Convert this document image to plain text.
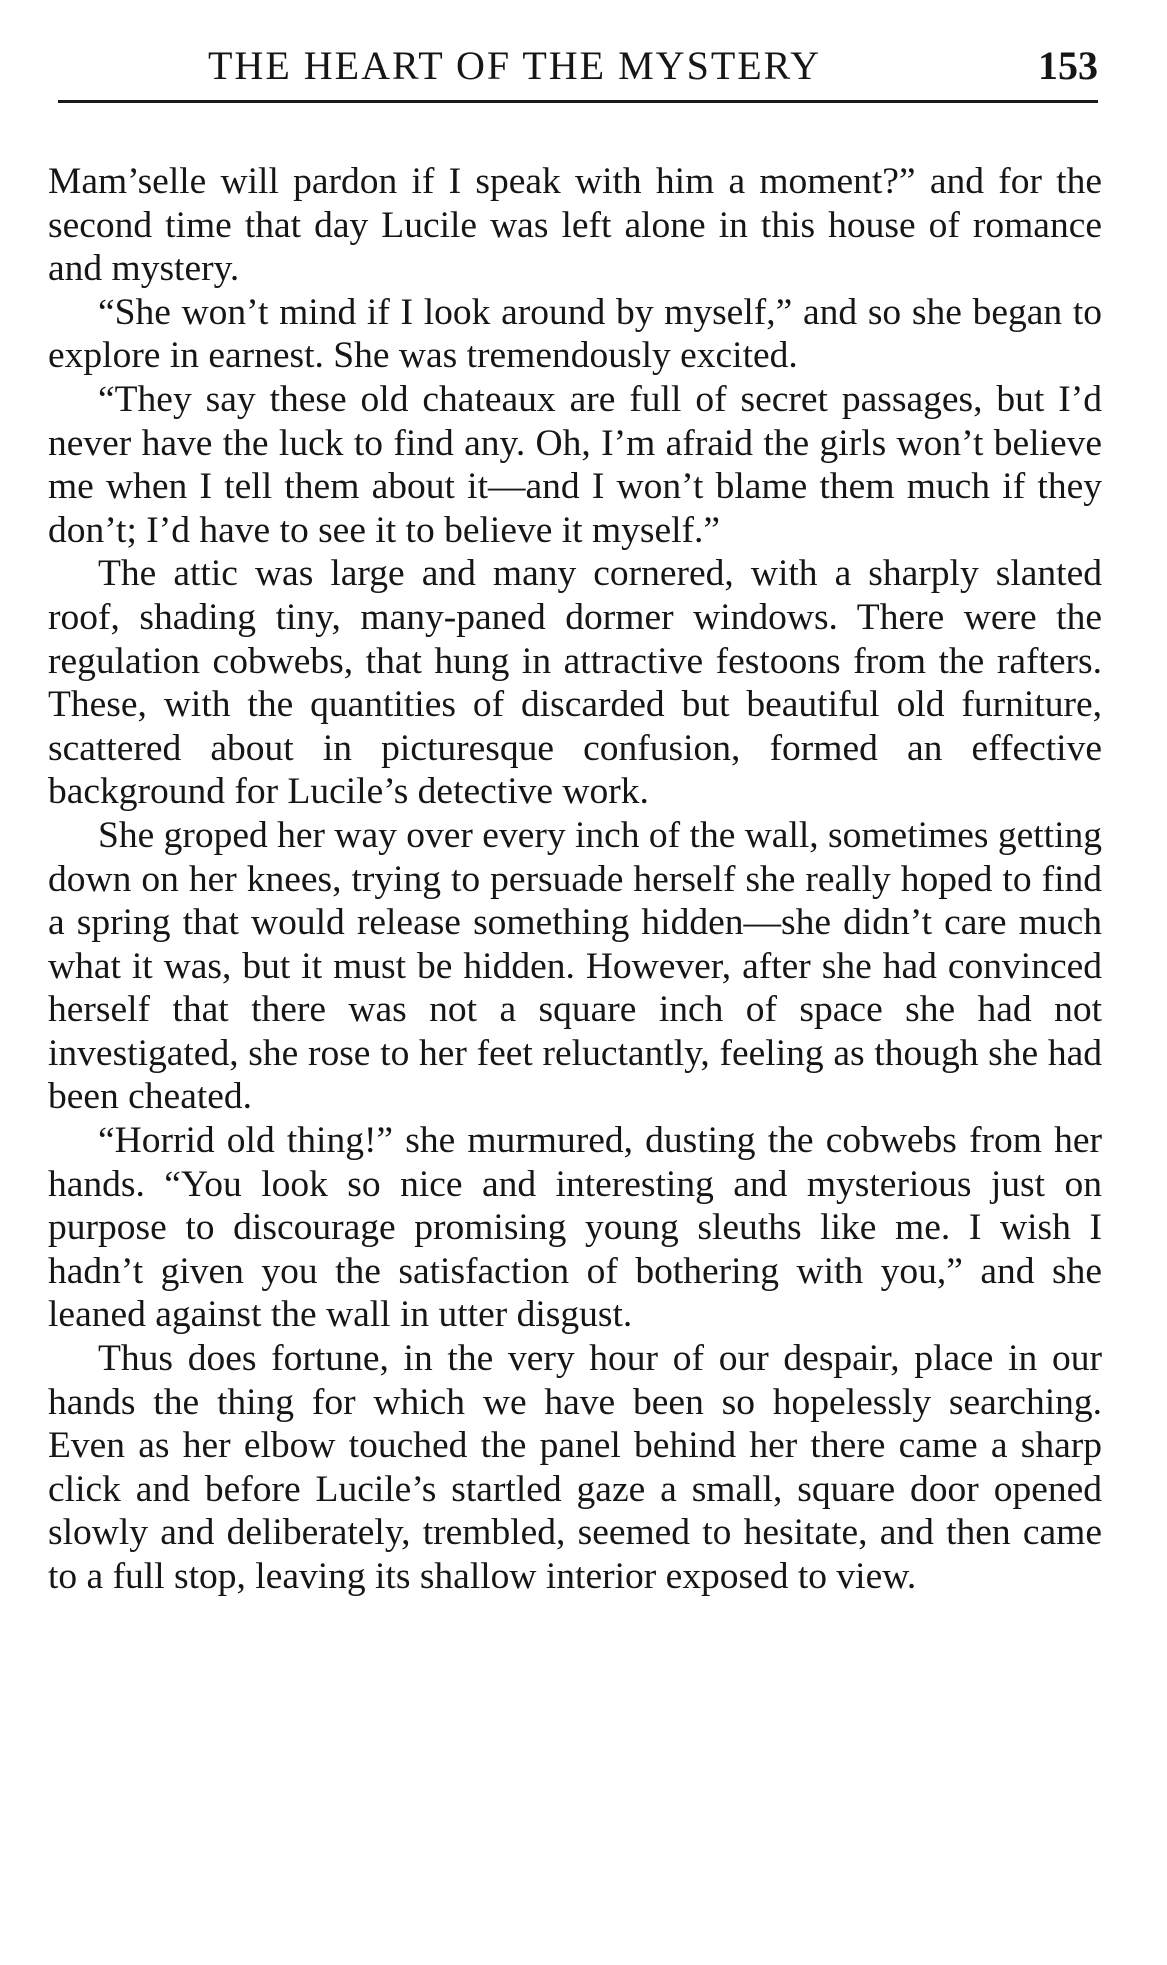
THE HEART OF THE MYSTERY	153

Mam’selle will pardon if I speak with him a moment?” and for the second time that day Lucile was left alone in this house of romance and mystery.

“She won’t mind if I look around by myself,” and so she began to explore in earnest. She was tremendously excited.

“They say these old chateaux are full of secret passages, but I’d never have the luck to find any. Oh, I’m afraid the girls won’t believe me when I tell them about it—and I won’t blame them much if they don’t; I’d have to see it to believe it myself.”

The attic was large and many cornered, with a sharply slanted roof, shading tiny, many-paned dormer windows. There were the regulation cobwebs, that hung in attractive festoons from the rafters. These, with the quantities of discarded but beautiful old furniture, scattered about in picturesque confusion, formed an effective background for Lucile’s detective work.

She groped her way over every inch of the wall, sometimes getting down on her knees, trying to persuade herself she really hoped to find a spring that would release something hidden—she didn’t care much what it was, but it must be hidden. However, after she had convinced herself that there was not a square inch of space she had not investigated, she rose to her feet reluctantly, feeling as though she had been cheated.

“Horrid old thing!” she murmured, dusting the cobwebs from her hands. “You look so nice and interesting and mysterious just on purpose to discourage promising young sleuths like me. I wish I hadn’t given you the satisfaction of bothering with you,” and she leaned against the wall in utter disgust.

Thus does fortune, in the very hour of our despair, place in our hands the thing for which we have been so hopelessly searching. Even as her elbow touched the panel behind her there came a sharp click and before Lucile’s startled gaze a small, square door opened slowly and deliberately, trembled, seemed to hesitate, and then came to a full stop, leaving its shallow interior exposed to view.
